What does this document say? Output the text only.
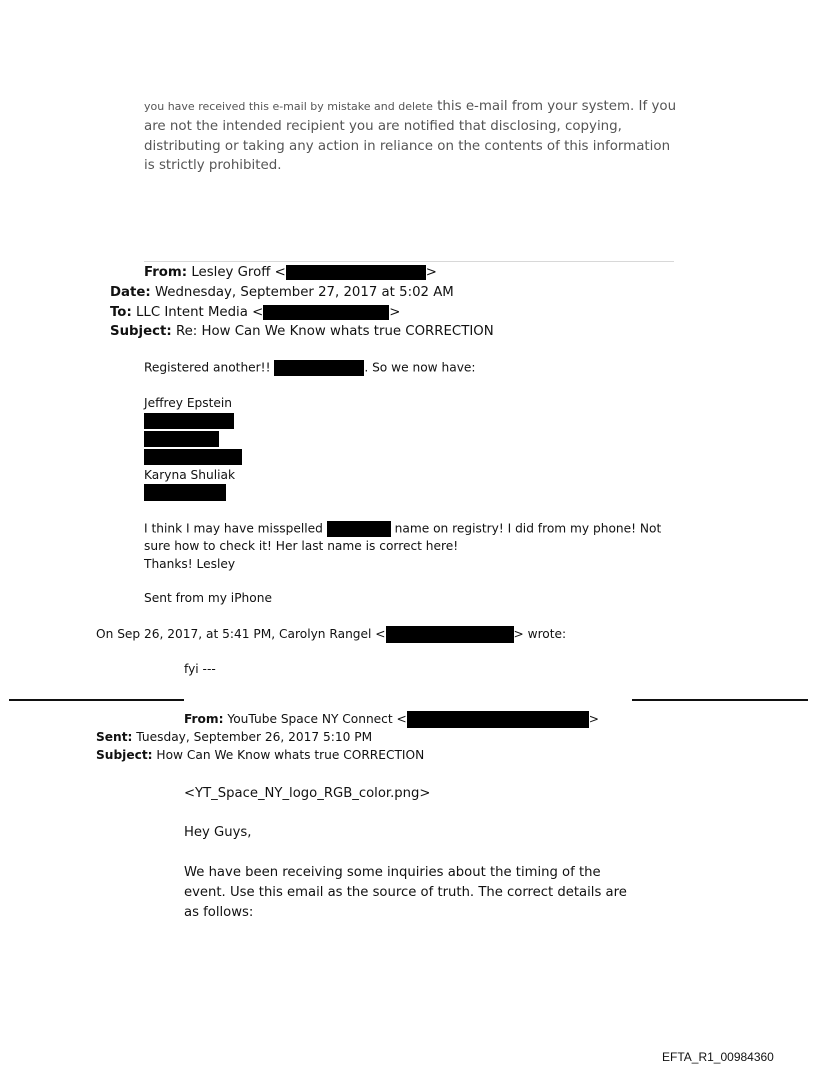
you have received this e-mail by mistake and delete this e-mail from your system. If you are not the intended recipient you are notified that disclosing, copying, distributing or taking any action in reliance on the contents of this information is strictly prohibited.
From: Lesley Groff <	>
Date: Wednesday, September 27, 2017 at 5:02 AM
To: LLC Intent Media <	>
Subject: Re: How Can We Know whats true CORRECTION
Registered another!!	. So we now have:
Jeffrey Epstein
Karyna Shuliak
I think I may have misspelled	name on registry! I did from my phone! Not
sure how to check it! Her last name is correct here!
Thanks! Lesley
Sent from my iPhone
On Sep 26, 2017, at 5:41 PM, Carolyn Rangel <	> wrote:
fyi ---
From: YouTube Space NY Connect <	>
Sent: Tuesday, September 26, 2017 5:10 PM
Subject: How Can We Know whats true CORRECTION
<YT_Space_NY_logo_RGB_color.png>
Hey Guys,
We have been receiving some inquiries about the timing of the
event. Use this email as the source of truth. The correct details are
as follows:
EFTA_R1_00984360
